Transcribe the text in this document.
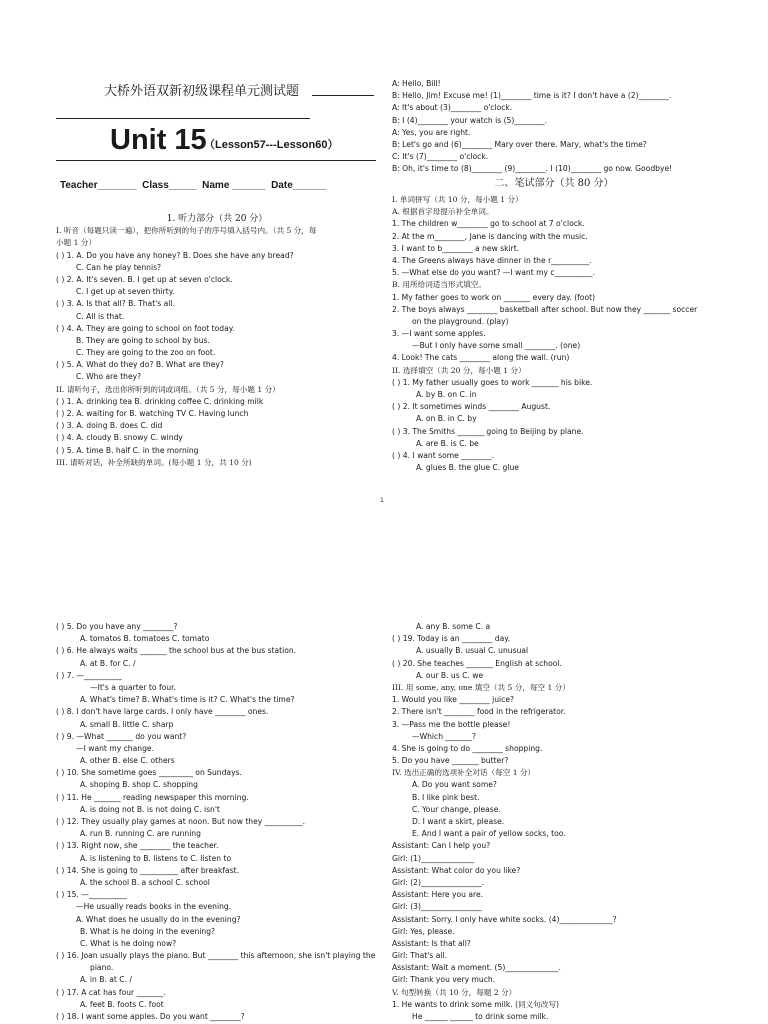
大桥外语双新初级课程单元测试题
Unit 15
（Lesson57---Lesson60）
Teacher_______  Class_____  Name ______  Date______
1. 听力部分（共 20 分）
I. 听音（每题只读一遍），把你所听到的句子的序号填入括号内。（共 5 分，每
小题 1 分）
( ) 1. A. Do you have any honey? B. Does she have any bread?
C. Can he play tennis?
( ) 2. A. It's seven. B. I get up at seven o'clock.
C. I get up at seven thirty.
( ) 3. A. Is that all? B. That's all.
C. All is that.
( ) 4. A. They are going to school on foot today.
B. They are going to school by bus.
C. They are going to the zoo on foot.
( ) 5. A. What do they do? B. What are they?
C. Who are they?
II. 请听句子，选出你所听到的词或词组。（共 5 分，每小题 1 分）
( ) 1. A. drinking tea B. drinking coffee C. drinking milk
( ) 2. A. waiting for B. watching TV C. Having lunch
( ) 3. A. doing B. does C. did
( ) 4. A. cloudy B. snowy C. windy
( ) 5. A. time B. half C. in the morning
III. 请听对话，补全所缺的单词。(每小题 1 分，共 10 分)
A: Hello, Bill!
B: Hello, Jim! Excuse me! (1)________ time is it? I don't have a (2)________.
A: It's about (3)________ o'clock.
B: I (4)________ your watch is (5)________.
A: Yes, you are right.
B: Let's go and (6)________ Mary over there. Mary, what's the time?
C: It's (7)________ o'clock.
B: Oh, it's time to (8)________ (9)________. I (10)________ go now. Goodbye!
二、笔试部分（共 80 分）
I. 单词拼写（共 10 分，每小题 1 分）
A. 根据首字母提示补全单词。
1. The children w________ go to school at 7 o'clock.
2. At the m________, Jane is dancing with the music.
3. I want to b________ a new skirt.
4. The Greens always have dinner in the r__________.
5. —What else do you want? —I want my c__________.
B. 用所给词适当形式填空。
1. My father goes to work on _______ every day. (foot)
2. The boys always ________ basketball after school. But now they _______ soccer
on the playground. (play)
3. —I want some apples.
—But I only have some small ________. (one)
4. Look! The cats ________ along the wall. (run)
II. 选择填空（共 20 分，每小题 1 分）
( ) 1. My father usually goes to work _______ his bike.
A. by B. on C. in
( ) 2. It sometimes winds ________ August.
A. on B. in C. by
( ) 3. The Smiths _______ going to Beijing by plane.
A. are B. is C. be
( ) 4. I want some ________.
A. glues B. the glue C. glue
1
( ) 5. Do you have any ________?
A. tomatos B. tomatoes C. tomato
( ) 6. He always waits _______ the school bus at the bus station.
A. at B. for C. /
( ) 7. —__________
—It's a quarter to four.
A. What's time? B. What's time is it? C. What's the time?
( ) 8. I don't have large cards. I only have ________ ones.
A. small B. little C. sharp
( ) 9. —What _______ do you want?
—I want my change.
A. other B. else C. others
( ) 10. She sometime goes _________ on Sundays.
A. shoping B. shop C. shopping
( ) 11. He _______ reading newspaper this morning.
A. is doing not B. is not doing C. isn't
( ) 12. They usually play games at noon. But now they __________.
A. run B. running C. are running
( ) 13. Right now, she ________ the teacher.
A. is listening to B. listens to C. listen to
( ) 14. She is going to __________ after breakfast.
A. the school B. a school C. school
( ) 15. —__________
—He usually reads books in the evening.
A. What does he usually do in the evening?
B. What is he doing in the evening?
C. What is he doing now?
( ) 16. Joan usually plays the piano. But ________ this afternoon, she isn't playing the
piano.
A. in B. at C. /
( ) 17. A cat has four _______.
A. feet B. foots C. foot
( ) 18. I want some apples. Do you want ________?
A. any B. some C. a
( ) 19. Today is an ________ day.
A. usually B. usual C. unusual
( ) 20. She teaches _______ English at school.
A. our B. us C. we
III. 用 some, any, one 填空（共 5 分，每空 1 分）
1. Would you like ________ juice?
2. There isn't ________ food in the refrigerator.
3. —Pass me the bottle please!
—Which _______?
4. She is going to do ________ shopping.
5. Do you have _______ butter?
IV. 选出正确的选项补全对话（每空 1 分）
A. Do you want some?
B. I like pink best.
C. Your change, please.
D. I want a skirt, please.
E. And I want a pair of yellow socks, too.
Assistant: Can I help you?
Girl: (1)______________
Assistant: What color do you like?
Girl: (2)________________.
Assistant: Here you are.
Girl: (3)________________
Assistant: Sorry. I only have white socks. (4)______________?
Girl: Yes, please.
Assistant: Is that all?
Girl: That's all.
Assistant: Wait a moment. (5)______________.
Girl: Thank you very much.
V. 句型转换（共 10 分，每题 2 分）
1. He wants to drink some milk. (同义句改写)
He ______ ______ to drink some milk.
